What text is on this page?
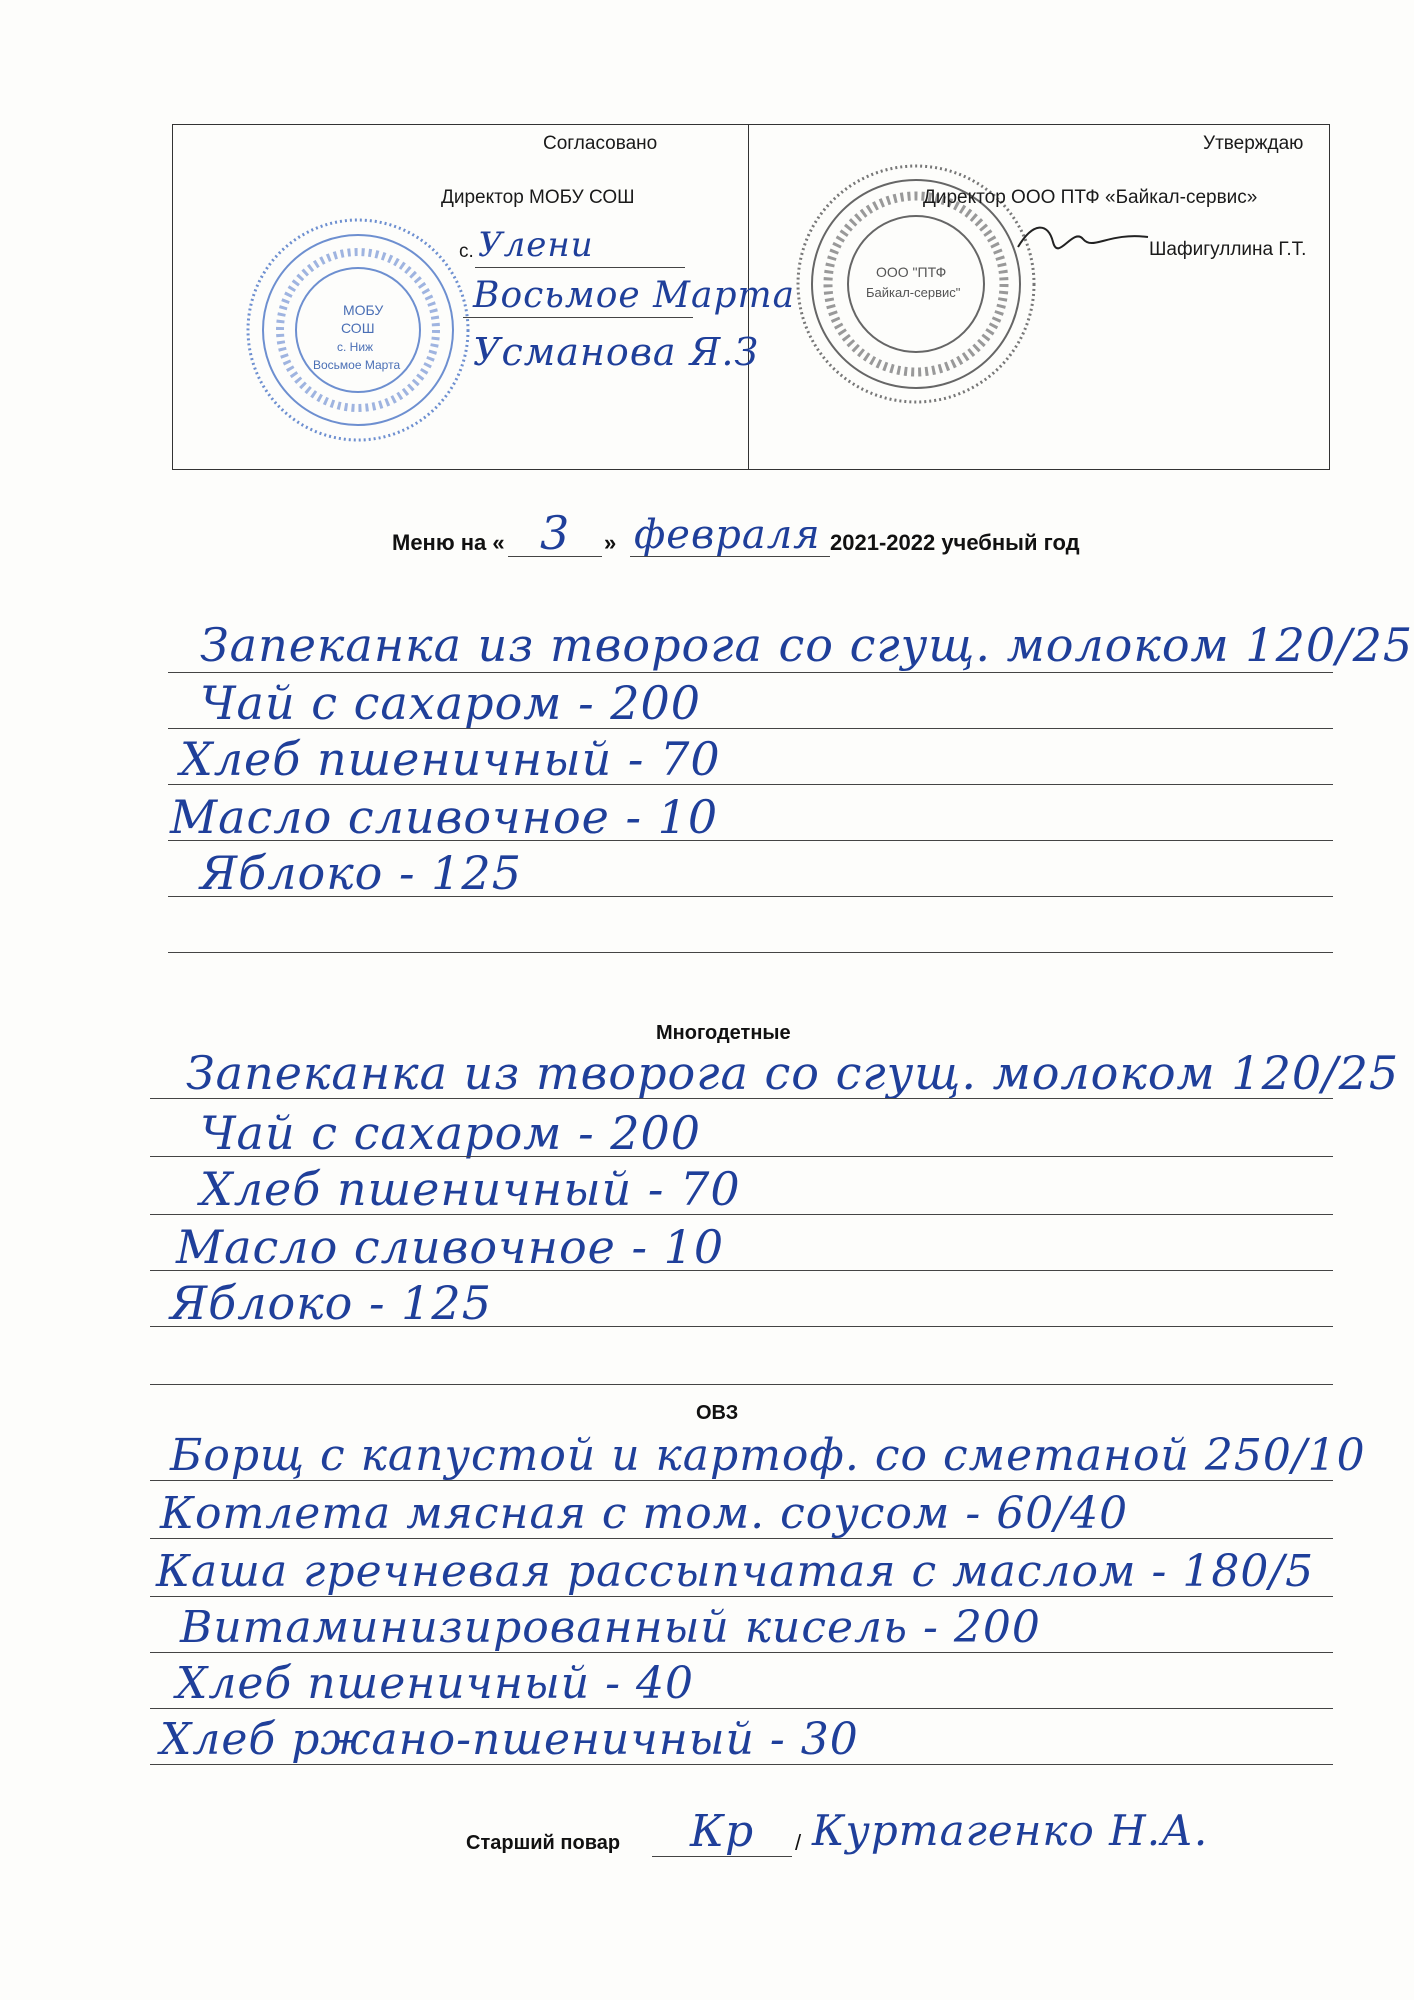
МОБУ
СОШ
с. Ниж
Восьмое Марта
ООО "ПТФ
Байкал-сервис"
Согласовано
Директор МОБУ СОШ
с. Улени
Восьмое Марта
Усманова Я.З
Утверждаю
Директор ООО ПТФ «Байкал-сервис»
Шафигуллина Г.Т.
Меню на « 3 » февраля 2021-2022 учебный год
Запеканка из творога со сгущ. молоком 120/25
Чай с сахаром - 200
Хлеб пшеничный - 70
Масло сливочное - 10
Яблоко - 125
Многодетные
Запеканка из творога со сгущ. молоком 120/25
Чай с сахаром - 200
Хлеб пшеничный - 70
Масло сливочное - 10
Яблоко - 125
ОВЗ
Борщ с капустой и картоф. со сметаной 250/10
Котлета мясная с том. соусом - 60/40
Каша гречневая рассыпчатая с маслом - 180/5
Витаминизированный кисель - 200
Хлеб пшеничный - 40
Хлеб ржано-пшеничный - 30
Старший повар Кр / Куртагенко Н.А.
